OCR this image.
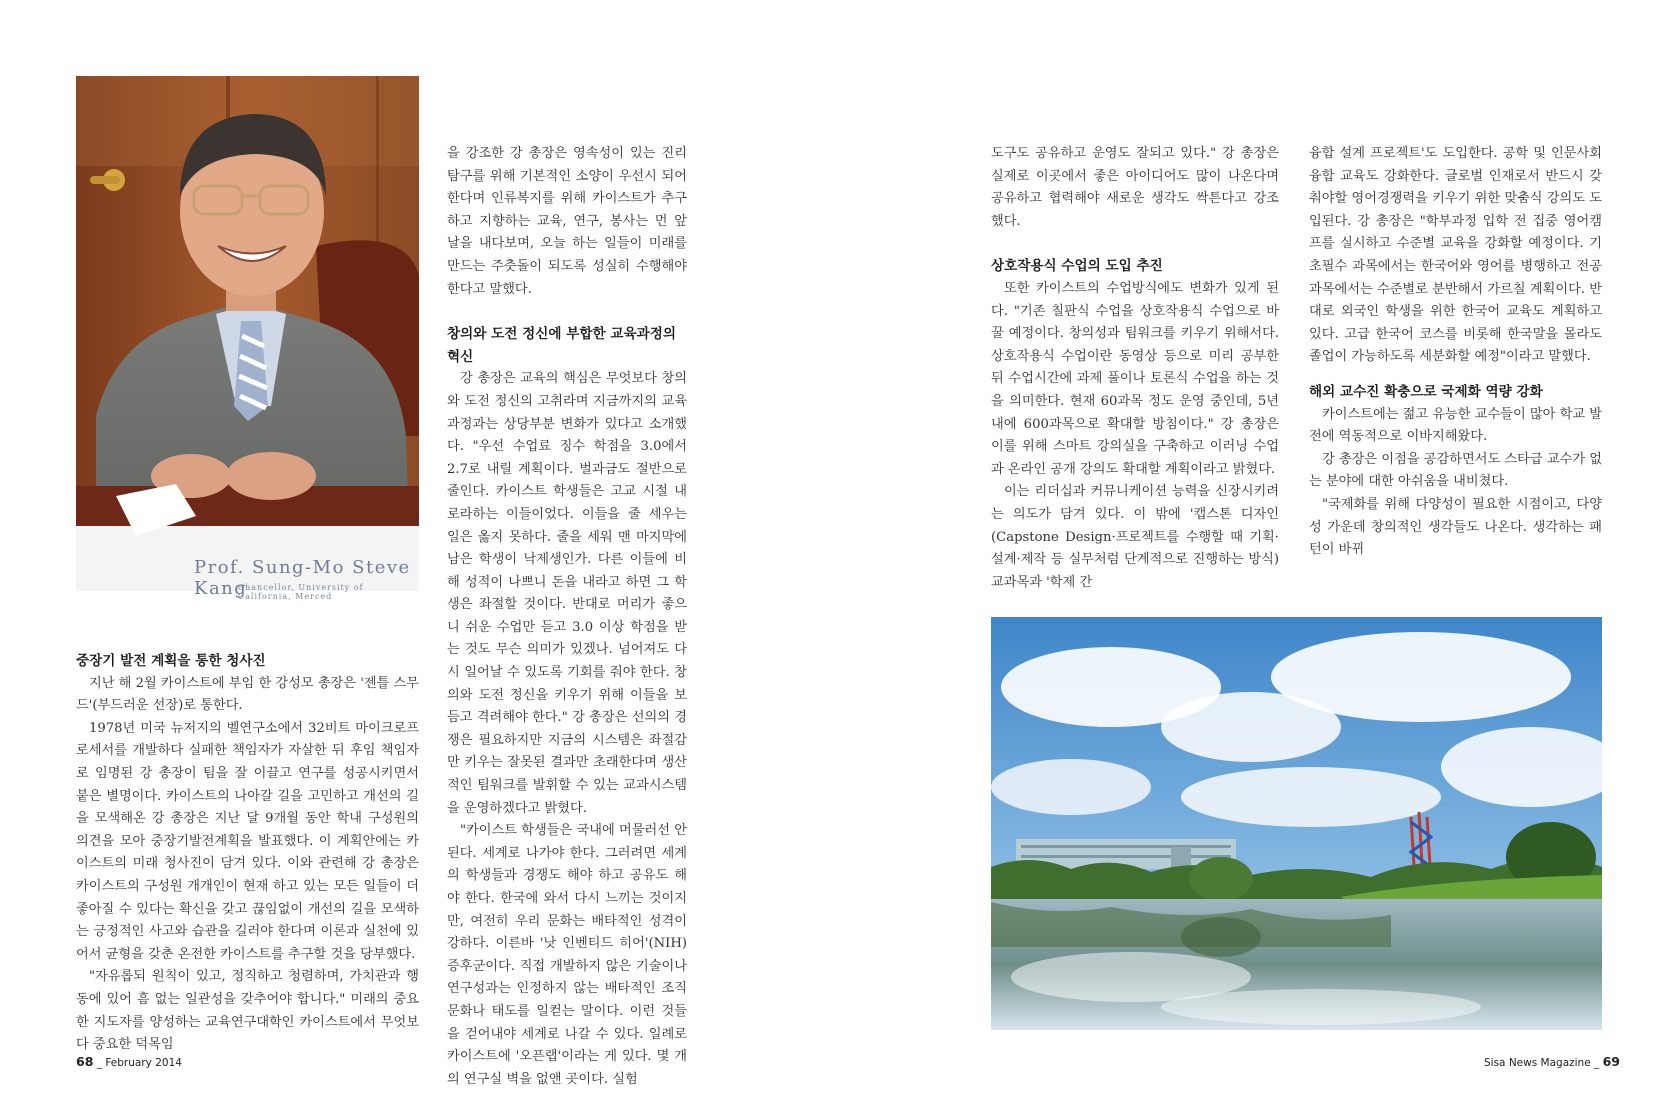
Prof. Sung-Mo Steve Kang
Chancellor, University of California, Merced
중장기 발전 계획을 통한 청사진

지난 해 2월 카이스트에 부임 한 강성모 총장은 '젠틀 스무드'(부드러운 선장)로 통한다.

1978년 미국 뉴저지의 벨연구소에서 32비트 마이크로프로세서를 개발하다 실패한 책임자가 자살한 뒤 후임 책임자로 임명된 강 총장이 팀을 잘 이끌고 연구를 성공시키면서 붙은 별명이다. 카이스트의 나아갈 길을 고민하고 개선의 길을 모색해온 강 총장은 지난 달 9개월 동안 학내 구성원의 의견을 모아 중장기발전계획을 발표했다. 이 계획안에는 카이스트의 미래 청사진이 담겨 있다. 이와 관련해 강 총장은 카이스트의 구성원 개개인이 현재 하고 있는 모든 일들이 더 좋아질 수 있다는 확신을 갖고 끊임없이 개선의 길을 모색하는 긍정적인 사고와 습관을 길러야 한다며 이론과 실천에 있어서 균형을 갖춘 온전한 카이스트를 추구할 것을 당부했다.

"자유롭되 원칙이 있고, 정직하고 청렴하며, 가치관과 행동에 있어 흠 없는 일관성을 갖추어야 합니다." 미래의 중요한 지도자를 양성하는 교육연구대학인 카이스트에서 무엇보다 중요한 덕목임

을 강조한 강 총장은 영속성이 있는 진리탐구를 위해 기본적인 소양이 우선시 되어한다며 인류복지를 위해 카이스트가 추구하고 지향하는 교육, 연구, 봉사는 먼 앞 날을 내다보며, 오늘 하는 일들이 미래를 만드는 주춧돌이 되도록 성실히 수행해야 한다고 말했다.

창의와 도전 정신에 부합한 교육과정의
혁신

강 총장은 교육의 핵심은 무엇보다 창의와 도전 정신의 고취라며 지금까지의 교육과정과는 상당부분 변화가 있다고 소개했다. "우선 수업료 징수 학점을 3.0에서 2.7로 내릴 계획이다. 벌과금도 절반으로 줄인다. 카이스트 학생들은 고교 시절 내로라하는 이들이었다. 이들을 줄 세우는 일은 옳지 못하다. 줄을 세워 맨 마지막에 남은 학생이 낙제생인가. 다른 이들에 비해 성적이 나쁘니 돈을 내라고 하면 그 학생은 좌절할 것이다. 반대로 머리가 좋으니 쉬운 수업만 듣고 3.0 이상 학점을 받는 것도 무슨 의미가 있겠나. 넘어져도 다시 일어날 수 있도록 기회를 줘야 한다. 창의와 도전 정신을 키우기 위해 이들을 보듬고 격려해야 한다." 강 총장은 선의의 경쟁은 필요하지만 지금의 시스템은 좌절감만 키우는 잘못된 결과만 초래한다며 생산적인 팀워크를 발휘할 수 있는 교과시스템을 운영하겠다고 밝혔다.

"카이스트 학생들은 국내에 머물러선 안 된다. 세계로 나가야 한다. 그러려면 세계의 학생들과 경쟁도 해야 하고 공유도 해야 한다. 한국에 와서 다시 느끼는 것이지만, 여전히 우리 문화는 배타적인 성격이 강하다. 이른바 '낫 인벤티드 히어'(NIH) 증후군이다. 직접 개발하지 않은 기술이나 연구성과는 인정하지 않는 배타적인 조직문화나 태도를 일컫는 말이다. 이런 것들을 걷어내야 세계로 나갈 수 있다. 일례로 카이스트에 '오픈랩'이라는 게 있다. 몇 개의 연구실 벽을 없앤 곳이다. 실험

도구도 공유하고 운영도 잘되고 있다." 강 총장은 실제로 이곳에서 좋은 아이디어도 많이 나온다며 공유하고 협력해야 새로운 생각도 싹튼다고 강조했다.

상호작용식 수업의 도입 추진

또한 카이스트의 수업방식에도 변화가 있게 된다. "기존 칠판식 수업을 상호작용식 수업으로 바꿀 예정이다. 창의성과 팀워크를 키우기 위해서다. 상호작용식 수업이란 동영상 등으로 미리 공부한 뒤 수업시간에 과제 풀이나 토론식 수업을 하는 것을 의미한다. 현재 60과목 정도 운영 중인데, 5년 내에 600과목으로 확대할 방침이다." 강 총장은 이를 위해 스마트 강의실을 구축하고 이러닝 수업과 온라인 공개 강의도 확대할 계획이라고 밝혔다.

이는 리더십과 커뮤니케이션 능력을 신장시키려는 의도가 담겨 있다. 이 밖에 '캡스톤 디자인(Capstone Design·프로젝트를 수행할 때 기획·설계·제작 등 실무처럼 단계적으로 진행하는 방식) 교과목과 '학제 간

융합 설계 프로젝트'도 도입한다. 공학 및 인문사회 융합 교육도 강화한다. 글로벌 인재로서 반드시 갖춰야할 영어경쟁력을 키우기 위한 맞춤식 강의도 도입된다. 강 총장은 "학부과정 입학 전 집중 영어캠프를 실시하고 수준별 교육을 강화할 예정이다. 기초필수 과목에서는 한국어와 영어를 병행하고 전공과목에서는 수준별로 분반해서 가르칠 계획이다. 반대로 외국인 학생을 위한 한국어 교육도 계획하고 있다. 고급 한국어 코스를 비롯해 한국말을 몰라도 졸업이 가능하도록 세분화할 예정"이라고 말했다.

해외 교수진 확충으로 국제화 역량 강화

카이스트에는 젊고 유능한 교수들이 많아 학교 발전에 역동적으로 이바지해왔다.

강 총장은 이점을 공감하면서도 스타급 교수가 없는 분야에 대한 아쉬움을 내비쳤다.

"국제화를 위해 다양성이 필요한 시점이고, 다양성 가운데 창의적인 생각들도 나온다. 생각하는 패턴이 바뀌

68 _ February 2014	Sisa News Magazine _ 69
